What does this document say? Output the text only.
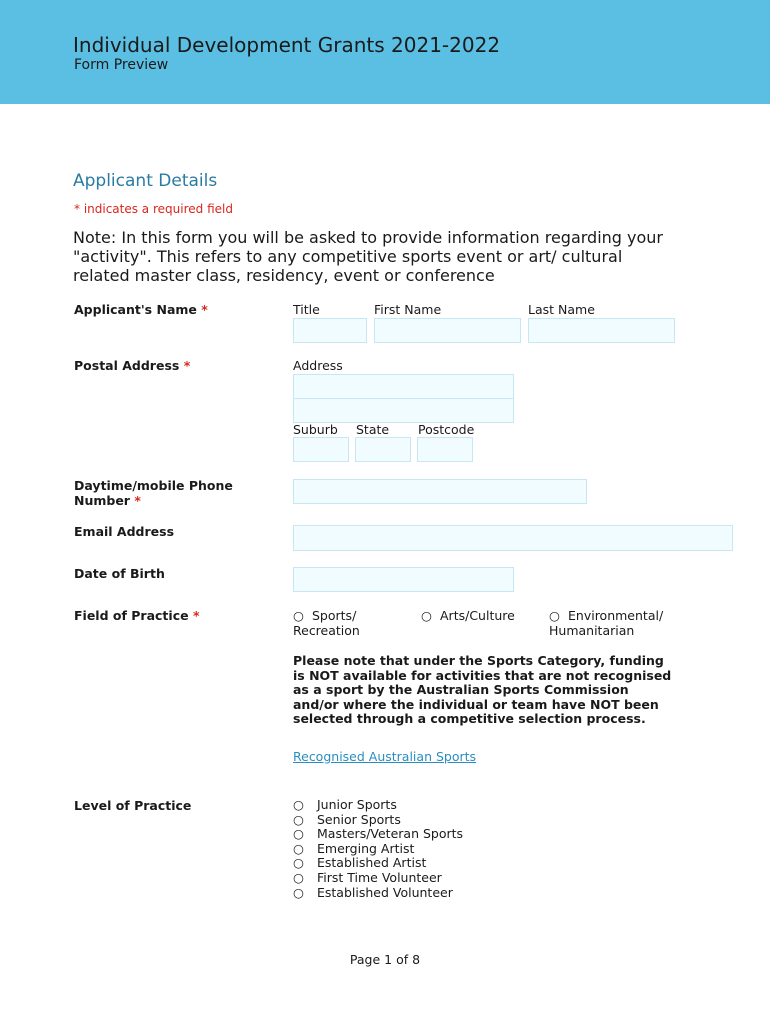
Individual Development Grants 2021-2022
Form Preview
Applicant Details
* indicates a required field
Note: In this form you will be asked to provide information regarding your "activity". This refers to any competitive sports event or art/ cultural related master class, residency, event or conference
Applicant's Name *	Title	First Name	Last Name
Postal Address *	Address
Suburb State Postcode
Daytime/mobile Phone
Number *
Email Address
Date of Birth
Field of Practice *	○ Sports/
Recreation
○ Arts/Culture	○ Environmental/
Humanitarian
Please note that under the Sports Category, funding is NOT available for activities that are not recognised as a sport by the Australian Sports Commission and/or where the individual or team have NOT been selected through a competitive selection process.
Recognised Australian Sports
Level of Practice	○ Junior Sports
○ Senior Sports
○ Masters/Veteran Sports
○ Emerging Artist
○ Established Artist
○ First Time Volunteer
○ Established Volunteer
Page 1 of 8
